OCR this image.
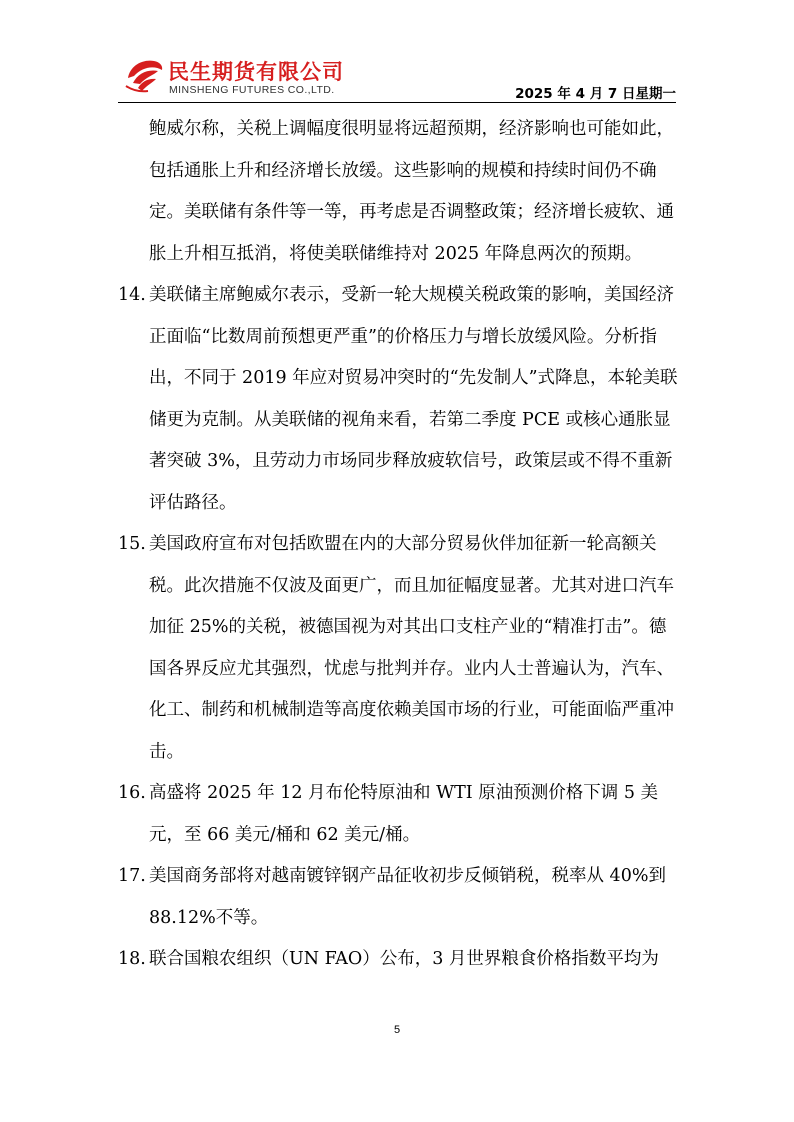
民生期货有限公司
MINSHENG FUTURES CO.,LTD.	2025 年 4 月 7 日星期一

鲍威尔称，关税上调幅度很明显将远超预期，经济影响也可能如此，包括通胀上升和经济增长放缓。这些影响的规模和持续时间仍不确定。美联储有条件等一等，再考虑是否调整政策；经济增长疲软、通胀上升相互抵消，将使美联储维持对 2025 年降息两次的预期。

14. 美联储主席鲍威尔表示，受新一轮大规模关税政策的影响，美国经济正面临“比数周前预想更严重”的价格压力与增长放缓风险。分析指出，不同于 2019 年应对贸易冲突时的“先发制人”式降息，本轮美联储更为克制。从美联储的视角来看，若第二季度 PCE 或核心通胀显著突破 3%，且劳动力市场同步释放疲软信号，政策层或不得不重新评估路径。

15. 美国政府宣布对包括欧盟在内的大部分贸易伙伴加征新一轮高额关税。此次措施不仅波及面更广，而且加征幅度显著。尤其对进口汽车加征 25%的关税，被德国视为对其出口支柱产业的“精准打击”。德国各界反应尤其强烈，忧虑与批判并存。业内人士普遍认为，汽车、化工、制药和机械制造等高度依赖美国市场的行业，可能面临严重冲击。

16. 高盛将 2025 年 12 月布伦特原油和 WTI 原油预测价格下调 5 美元，至 66 美元/桶和 62 美元/桶。

17. 美国商务部将对越南镀锌钢产品征收初步反倾销税，税率从 40%到 88.12%不等。

18. 联合国粮农组织（UN FAO）公布，3 月世界粮食价格指数平均为

5
